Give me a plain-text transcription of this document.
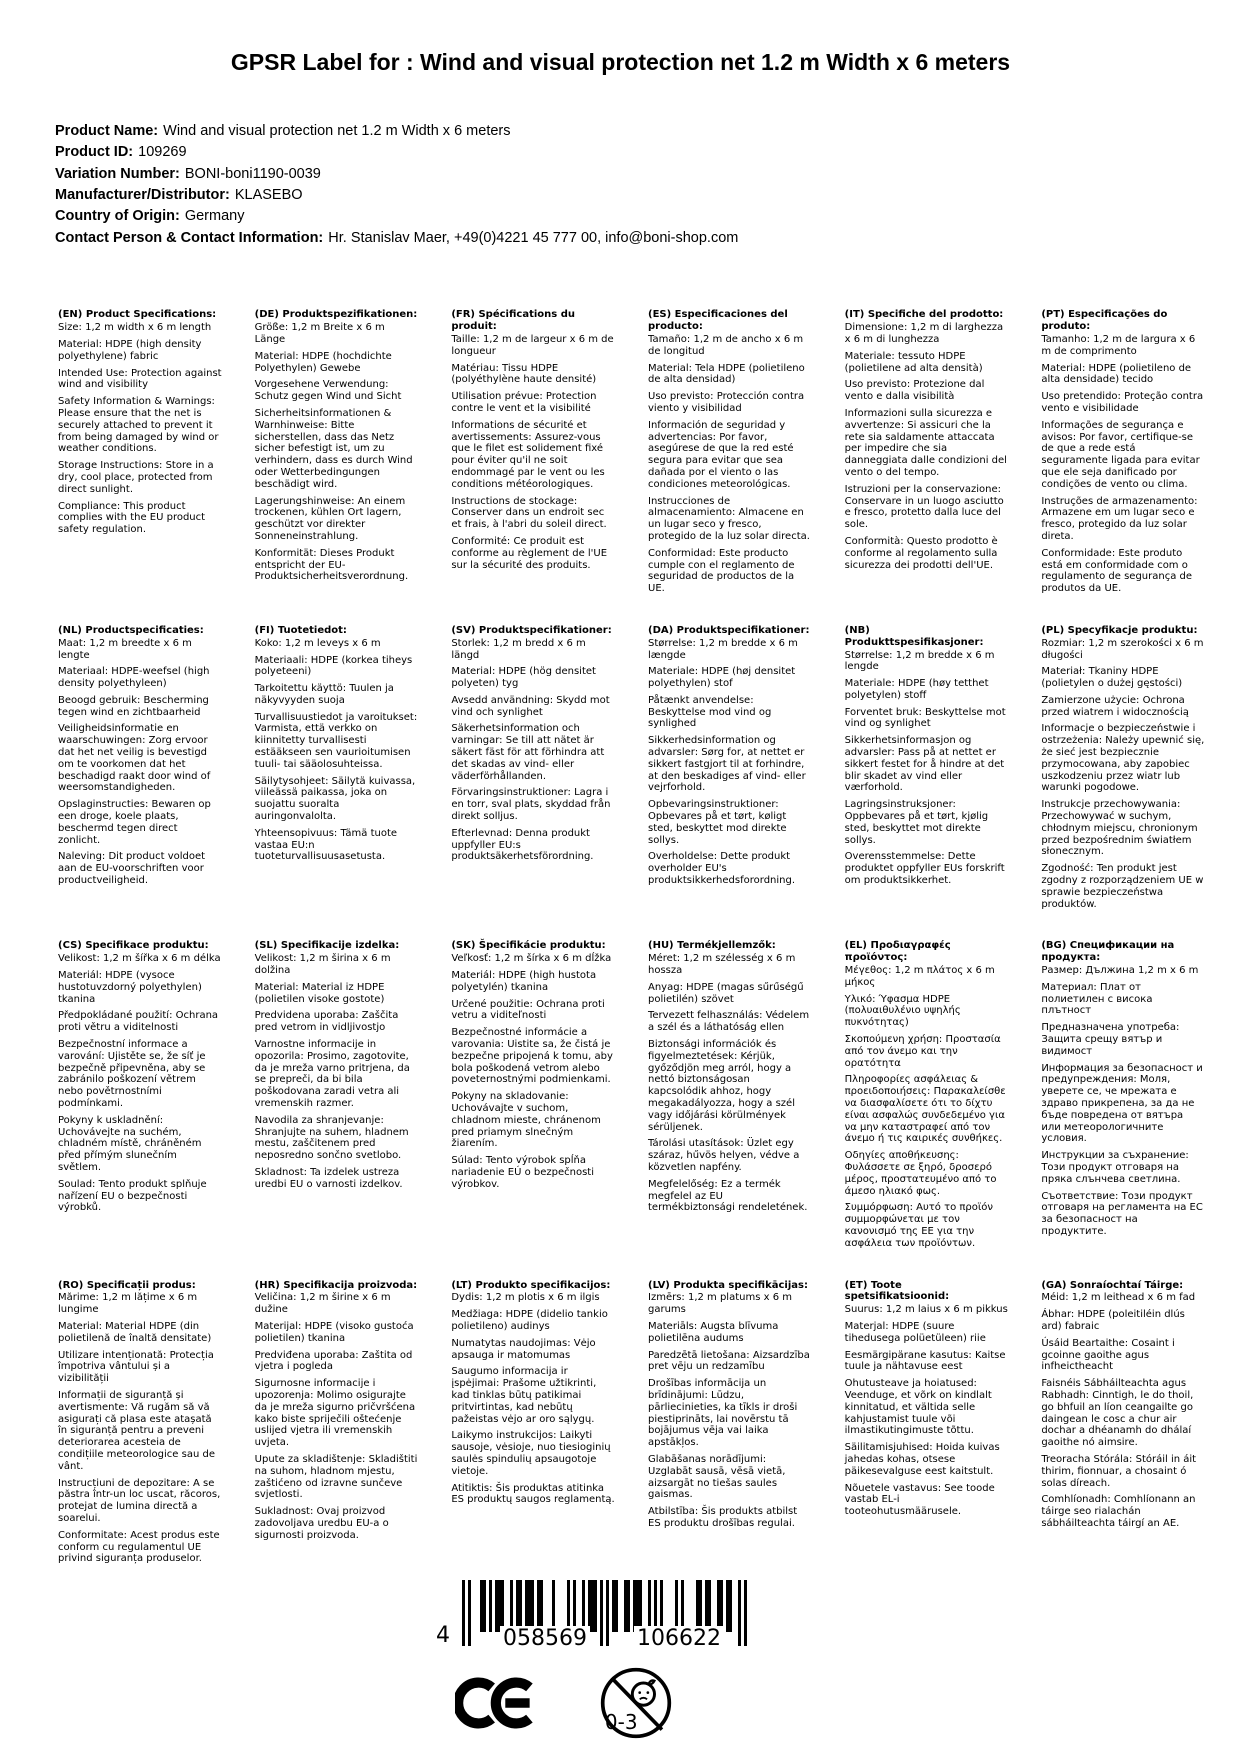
GPSR Label for : Wind and visual protection net 1.2 m Width x 6 meters
Product Name: Wind and visual protection net 1.2 m Width x 6 meters
Product ID: 109269
Variation Number: BONI-boni1190-0039
Manufacturer/Distributor: KLASEBO
Country of Origin: Germany
Contact Person & Contact Information: Hr. Stanislav Maer, +49(0)4221 45 777 00, info@boni-shop.com
(EN) Product Specifications:

Size: 1,2 m width x 6 m length

Material: HDPE (high density polyethylene) fabric

Intended Use: Protection against wind and visibility

Safety Information & Warnings: Please ensure that the net is securely attached to prevent it from being damaged by wind or weather conditions.

Storage Instructions: Store in a dry, cool place, protected from direct sunlight.

Compliance: This product complies with the EU product safety regulation.

(DE) Produktspezifikationen:

Größe: 1,2 m Breite x 6 m Länge

Material: HDPE (hochdichte Polyethylen) Gewebe

Vorgesehene Verwendung: Schutz gegen Wind und Sicht

Sicherheitsinformationen & Warnhinweise: Bitte sicherstellen, dass das Netz sicher befestigt ist, um zu verhindern, dass es durch Wind oder Wetterbedingungen beschädigt wird.

Lagerungshinweise: An einem trockenen, kühlen Ort lagern, geschützt vor direkter Sonneneinstrahlung.

Konformität: Dieses Produkt entspricht der EU-Produktsicherheitsverordnung.

(FR) Spécifications du produit:

Taille: 1,2 m de largeur x 6 m de longueur

Matériau: Tissu HDPE (polyéthylène haute densité)

Utilisation prévue: Protection contre le vent et la visibilité

Informations de sécurité et avertissements: Assurez-vous que le filet est solidement fixé pour éviter qu'il ne soit endommagé par le vent ou les conditions météorologiques.

Instructions de stockage: Conserver dans un endroit sec et frais, à l'abri du soleil direct.

Conformité: Ce produit est conforme au règlement de l'UE sur la sécurité des produits.

(ES) Especificaciones del producto:

Tamaño: 1,2 m de ancho x 6 m de longitud

Material: Tela HDPE (polietileno de alta densidad)

Uso previsto: Protección contra viento y visibilidad

Información de seguridad y advertencias: Por favor, asegúrese de que la red esté segura para evitar que sea dañada por el viento o las condiciones meteorológicas.

Instrucciones de almacenamiento: Almacene en un lugar seco y fresco, protegido de la luz solar directa.

Conformidad: Este producto cumple con el reglamento de seguridad de productos de la UE.

(IT) Specifiche del prodotto:

Dimensione: 1,2 m di larghezza x 6 m di lunghezza

Materiale: tessuto HDPE (polietilene ad alta densità)

Uso previsto: Protezione dal vento e dalla visibilità

Informazioni sulla sicurezza e avvertenze: Si assicuri che la rete sia saldamente attaccata per impedire che sia danneggiata dalle condizioni del vento o del tempo.

Istruzioni per la conservazione: Conservare in un luogo asciutto e fresco, protetto dalla luce del sole.

Conformità: Questo prodotto è conforme al regolamento sulla sicurezza dei prodotti dell'UE.

(PT) Especificações do produto:

Tamanho: 1,2 m de largura x 6 m de comprimento

Material: HDPE (polietileno de alta densidade) tecido

Uso pretendido: Proteção contra vento e visibilidade

Informações de segurança e avisos: Por favor, certifique-se de que a rede está seguramente ligada para evitar que ele seja danificado por condições de vento ou clima.

Instruções de armazenamento: Armazene em um lugar seco e fresco, protegido da luz solar direta.

Conformidade: Este produto está em conformidade com o regulamento de segurança de produtos da UE.

(NL) Productspecificaties:

Maat: 1,2 m breedte x 6 m lengte

Materiaal: HDPE-weefsel (high density polyethyleen)

Beoogd gebruik: Bescherming tegen wind en zichtbaarheid

Veiligheidsinformatie en waarschuwingen: Zorg ervoor dat het net veilig is bevestigd om te voorkomen dat het beschadigd raakt door wind of weersomstandigheden.

Opslaginstructies: Bewaren op een droge, koele plaats, beschermd tegen direct zonlicht.

Naleving: Dit product voldoet aan de EU-voorschriften voor productveiligheid.

(FI) Tuotetiedot:

Koko: 1,2 m leveys x 6 m

Materiaali: HDPE (korkea tiheys polyeteeni)

Tarkoitettu käyttö: Tuulen ja näkyvyyden suoja

Turvallisuustiedot ja varoitukset: Varmista, että verkko on kiinnitetty turvallisesti estääkseen sen vaurioitumisen tuuli- tai sääolosuhteissa.

Säilytysohjeet: Säilytä kuivassa, viileässä paikassa, joka on suojattu suoralta auringonvalolta.

Yhteensopivuus: Tämä tuote vastaa EU:n tuoteturvallisuusasetusta.

(SV) Produktspecifikationer:

Storlek: 1,2 m bredd x 6 m längd

Material: HDPE (hög densitet polyeten) tyg

Avsedd användning: Skydd mot vind och synlighet

Säkerhetsinformation och varningar: Se till att nätet är säkert fäst för att förhindra att det skadas av vind- eller väderförhållanden.

Förvaringsinstruktioner: Lagra i en torr, sval plats, skyddad från direkt solljus.

Efterlevnad: Denna produkt uppfyller EU:s produktsäkerhetsförordning.

(DA) Produktspecifikationer:

Størrelse: 1,2 m bredde x 6 m længde

Materiale: HDPE (høj densitet polyethylen) stof

Påtænkt anvendelse: Beskyttelse mod vind og synlighed

Sikkerhedsinformation og advarsler: Sørg for, at nettet er sikkert fastgjort til at forhindre, at den beskadiges af vind- eller vejrforhold.

Opbevaringsinstruktioner: Opbevares på et tørt, køligt sted, beskyttet mod direkte sollys.

Overholdelse: Dette produkt overholder EU's produktsikkerhedsforordning.

(NB) Produkttspesifikasjoner:

Størrelse: 1,2 m bredde x 6 m lengde

Materiale: HDPE (høy tetthet polyetylen) stoff

Forventet bruk: Beskyttelse mot vind og synlighet

Sikkerhetsinformasjon og advarsler: Pass på at nettet er sikkert festet for å hindre at det blir skadet av vind eller værforhold.

Lagringsinstruksjoner: Oppbevares på et tørt, kjølig sted, beskyttet mot direkte sollys.

Overensstemmelse: Dette produktet oppfyller EUs forskrift om produktsikkerhet.

(PL) Specyfikacje produktu:

Rozmiar: 1,2 m szerokości x 6 m długości

Materiał: Tkaniny HDPE (polietylen o dużej gęstości)

Zamierzone użycie: Ochrona przed wiatrem i widocznością

Informacje o bezpieczeństwie i ostrzeżenia: Należy upewnić się, że sieć jest bezpiecznie przymocowana, aby zapobiec uszkodzeniu przez wiatr lub warunki pogodowe.

Instrukcje przechowywania: Przechowywać w suchym, chłodnym miejscu, chronionym przed bezpośrednim światłem słonecznym.

Zgodność: Ten produkt jest zgodny z rozporządzeniem UE w sprawie bezpieczeństwa produktów.

(CS) Specifikace produktu:

Velikost: 1,2 m šířka x 6 m délka

Materiál: HDPE (vysoce hustotuvzdorný polyethylen) tkanina

Předpokládané použití: Ochrana proti větru a viditelnosti

Bezpečnostní informace a varování: Ujistěte se, že síť je bezpečně připevněna, aby se zabránilo poškození větrem nebo povětrnostními podmínkami.

Pokyny k uskladnění: Uchovávejte na suchém, chladném místě, chráněném před přímým slunečním světlem.

Soulad: Tento produkt splňuje nařízení EU o bezpečnosti výrobků.

(SL) Specifikacije izdelka:

Velikost: 1,2 m širina x 6 m dolžina

Material: Material iz HDPE (polietilen visoke gostote)

Predvidena uporaba: Zaščita pred vetrom in vidljivostjo

Varnostne informacije in opozorila: Prosimo, zagotovite, da je mreža varno pritrjena, da se prepreči, da bi bila poškodovana zaradi vetra ali vremenskih razmer.

Navodila za shranjevanje: Shranjujte na suhem, hladnem mestu, zaščitenem pred neposredno sončno svetlobo.

Skladnost: Ta izdelek ustreza uredbi EU o varnosti izdelkov.

(SK) Špecifikácie produktu:

Veľkosť: 1,2 m šírka x 6 m dĺžka

Materiál: HDPE (high hustota polyetylén) tkanina

Určené použitie: Ochrana proti vetru a viditeľnosti

Bezpečnostné informácie a varovania: Uistite sa, že čistá je bezpečne pripojená k tomu, aby bola poškodená vetrom alebo poveternostnými podmienkami.

Pokyny na skladovanie: Uchovávajte v suchom, chladnom mieste, chránenom pred priamym slnečným žiarením.

Súlad: Tento výrobok spĺňa nariadenie EÚ o bezpečnosti výrobkov.

(HU) Termékjellemzők:

Méret: 1,2 m szélesség x 6 m hossza

Anyag: HDPE (magas sűrűségű polietilén) szövet

Tervezett felhasználás: Védelem a szél és a láthatóság ellen

Biztonsági információk és figyelmeztetések: Kérjük, győződjön meg arról, hogy a nettó biztonságosan kapcsolódik ahhoz, hogy megakadályozza, hogy a szél vagy időjárási körülmények sérüljenek.

Tárolási utasítások: Üzlet egy száraz, hűvös helyen, védve a közvetlen napfény.

Megfelelőség: Ez a termék megfelel az EU termékbiztonsági rendeletének.

(EL) Προδιαγραφές προϊόντος:

Μέγεθος: 1,2 m πλάτος x 6 m μήκος

Υλικό: Ύφασμα HDPE (πολυαιθυλένιο υψηλής πυκνότητας)

Σκοπούμενη χρήση: Προστασία από τον άνεμο και την ορατότητα

Πληροφορίες ασφάλειας & προειδοποιήσεις: Παρακαλείσθε να διασφαλίσετε ότι το δίχτυ είναι ασφαλώς συνδεδεμένο για να μην καταστραφεί από τον άνεμο ή τις καιρικές συνθήκες.

Οδηγίες αποθήκευσης: Φυλάσσετε σε ξηρό, δροσερό μέρος, προστατευμένο από το άμεσο ηλιακό φως.

Συμμόρφωση: Αυτό το προϊόν συμμορφώνεται με τον κανονισμό της ΕΕ για την ασφάλεια των προϊόντων.

(BG) Спецификации на продукта:

Размер: Дължина 1,2 m x 6 m

Материал: Плат от полиетилен с висока плътност

Предназначена употреба: Защита срещу вятър и видимост

Информация за безопасност и предупреждения: Моля, уверете се, че мрежата е здраво прикрепена, за да не бъде повредена от вятъра или метеорологичните условия.

Инструкции за съхранение: Този продукт отговаря на пряка слънчева светлина.

Съответствие: Този продукт отговаря на регламента на ЕС за безопасност на продуктите.

(RO) Specificații produs:

Mărime: 1,2 m lățime x 6 m lungime

Material: Material HDPE (din polietilenă de înaltă densitate)

Utilizare intenționată: Protecția împotriva vântului și a vizibilității

Informații de siguranță și avertismente: Vă rugăm să vă asigurați că plasa este atașată în siguranță pentru a preveni deteriorarea acesteia de condițiile meteorologice sau de vânt.

Instrucțiuni de depozitare: A se păstra într-un loc uscat, răcoros, protejat de lumina directă a soarelui.

Conformitate: Acest produs este conform cu regulamentul UE privind siguranța produselor.

(HR) Specifikacija proizvoda:

Veličina: 1,2 m širine x 6 m dužine

Materijal: HDPE (visoko gustoća polietilen) tkanina

Predviđena uporaba: Zaštita od vjetra i pogleda

Sigurnosne informacije i upozorenja: Molimo osigurajte da je mreža sigurno pričvršćena kako biste spriječili oštećenje uslijed vjetra ili vremenskih uvjeta.

Upute za skladištenje: Skladištiti na suhom, hladnom mjestu, zaštićeno od izravne sunčeve svjetlosti.

Sukladnost: Ovaj proizvod zadovoljava uredbu EU-a o sigurnosti proizvoda.

(LT) Produkto specifikacijos:

Dydis: 1,2 m plotis x 6 m ilgis

Medžiaga: HDPE (didelio tankio polietileno) audinys

Numatytas naudojimas: Vėjo apsauga ir matomumas

Saugumo informacija ir įspėjimai: Prašome užtikrinti, kad tinklas būtų patikimai pritvirtintas, kad nebūtų pažeistas vėjo ar oro sąlygų.

Laikymo instrukcijos: Laikyti sausoje, vėsioje, nuo tiesioginių saulės spindulių apsaugotoje vietoje.

Atitiktis: Šis produktas atitinka ES produktų saugos reglamentą.

(LV) Produkta specifikācijas:

Izmērs: 1,2 m platums x 6 m garums

Materiāls: Augsta blīvuma polietilēna audums

Paredzētā lietošana: Aizsardzība pret vēju un redzamību

Drošības informācija un brīdinājumi: Lūdzu, pārliecinieties, ka tīkls ir droši piestiprināts, lai novērstu tā bojājumus vēja vai laika apstākļos.

Glabāšanas norādījumi: Uzglabāt sausā, vēsā vietā, aizsargāt no tiešas saules gaismas.

Atbilstība: Šis produkts atbilst ES produktu drošības regulai.

(ET) Toote spetsifikatsioonid:

Suurus: 1,2 m laius x 6 m pikkus

Materjal: HDPE (suure tihedusega polüetüleen) riie

Eesmärgipärane kasutus: Kaitse tuule ja nähtavuse eest

Ohutusteave ja hoiatused: Veenduge, et võrk on kindlalt kinnitatud, et vältida selle kahjustamist tuule või ilmastikutingimuste tõttu.

Säilitamisjuhised: Hoida kuivas jahedas kohas, otsese päikesevalguse eest kaitstult.

Nõuetele vastavus: See toode vastab EL-i tooteohutusmäärusele.

(GA) Sonraíochtaí Táirge:

Méid: 1,2 m leithead x 6 m fad

Ábhar: HDPE (poleitiléin dlús ard) fabraic

Úsáid Beartaithe: Cosaint i gcoinne gaoithe agus infheictheacht

Faisnéis Sábháilteachta agus Rabhadh: Cinntigh, le do thoil, go bhfuil an líon ceangailte go daingean le cosc a chur air dochar a dhéanamh do dhálaí gaoithe nó aimsire.

Treoracha Stórála: Stóráil in áit thirim, fionnuar, a chosaint ó solas díreach.

Comhlíonadh: Comhlíonann an táirge seo rialachán sábháilteachta táirgí an AE.

4 058569 106622
0-3
